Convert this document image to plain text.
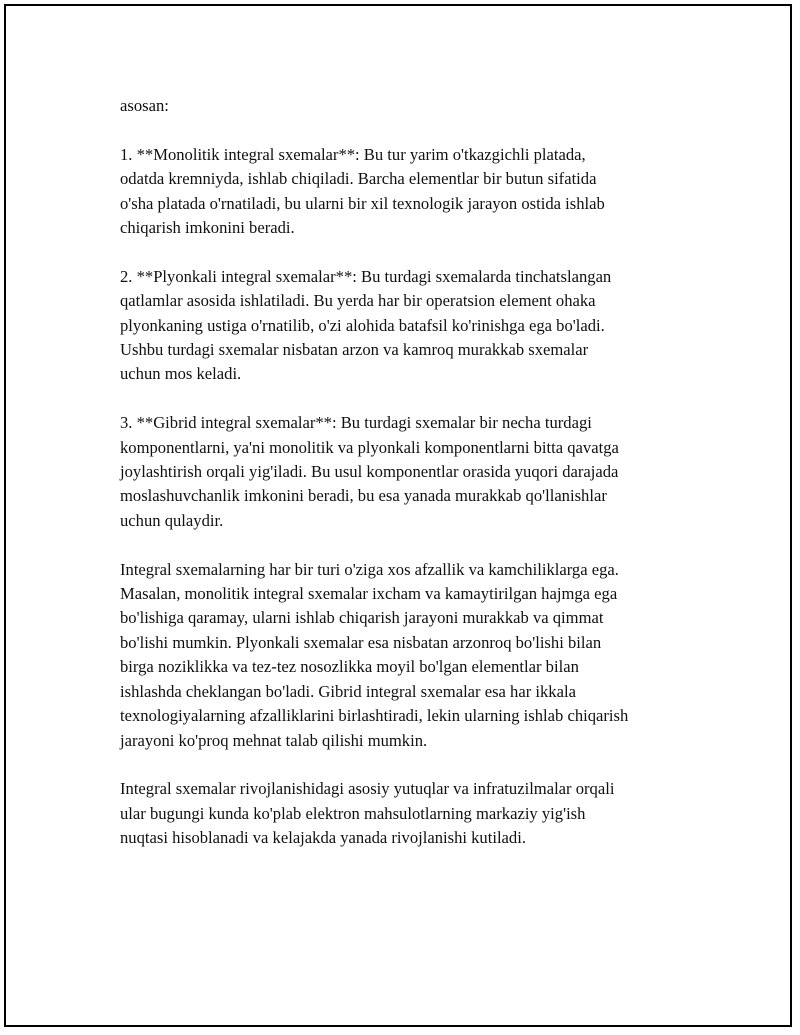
asosan:

1. **Monolitik integral sxemalar**: Bu tur yarim o'tkazgichli platada,
odatda kremniyda, ishlab chiqiladi. Barcha elementlar bir butun sifatida
o'sha platada o'rnatiladi, bu ularni bir xil texnologik jarayon ostida ishlab
chiqarish imkonini beradi.

2. **Plyonkali integral sxemalar**: Bu turdagi sxemalarda tinchatslangan
qatlamlar asosida ishlatiladi. Bu yerda har bir operatsion element ohaka
plyonkaning ustiga o'rnatilib, o'zi alohida batafsil ko'rinishga ega bo'ladi.
Ushbu turdagi sxemalar nisbatan arzon va kamroq murakkab sxemalar
uchun mos keladi.

3. **Gibrid integral sxemalar**: Bu turdagi sxemalar bir necha turdagi
komponentlarni, ya'ni monolitik va plyonkali komponentlarni bitta qavatga
joylashtirish orqali yig'iladi. Bu usul komponentlar orasida yuqori darajada
moslashuvchanlik imkonini beradi, bu esa yanada murakkab qo'llanishlar
uchun qulaydir.

Integral sxemalarning har bir turi o'ziga xos afzallik va kamchiliklarga ega.
Masalan, monolitik integral sxemalar ixcham va kamaytirilgan hajmga ega
bo'lishiga qaramay, ularni ishlab chiqarish jarayoni murakkab va qimmat
bo'lishi mumkin. Plyonkali sxemalar esa nisbatan arzonroq bo'lishi bilan
birga noziklikka va tez-tez nosozlikka moyil bo'lgan elementlar bilan
ishlashda cheklangan bo'ladi. Gibrid integral sxemalar esa har ikkala
texnologiyalarning afzalliklarini birlashtiradi, lekin ularning ishlab chiqarish
jarayoni ko'proq mehnat talab qilishi mumkin.

Integral sxemalar rivojlanishidagi asosiy yutuqlar va infratuzilmalar orqali
ular bugungi kunda ko'plab elektron mahsulotlarning markaziy yig'ish
nuqtasi hisoblanadi va kelajakda yanada rivojlanishi kutiladi.
